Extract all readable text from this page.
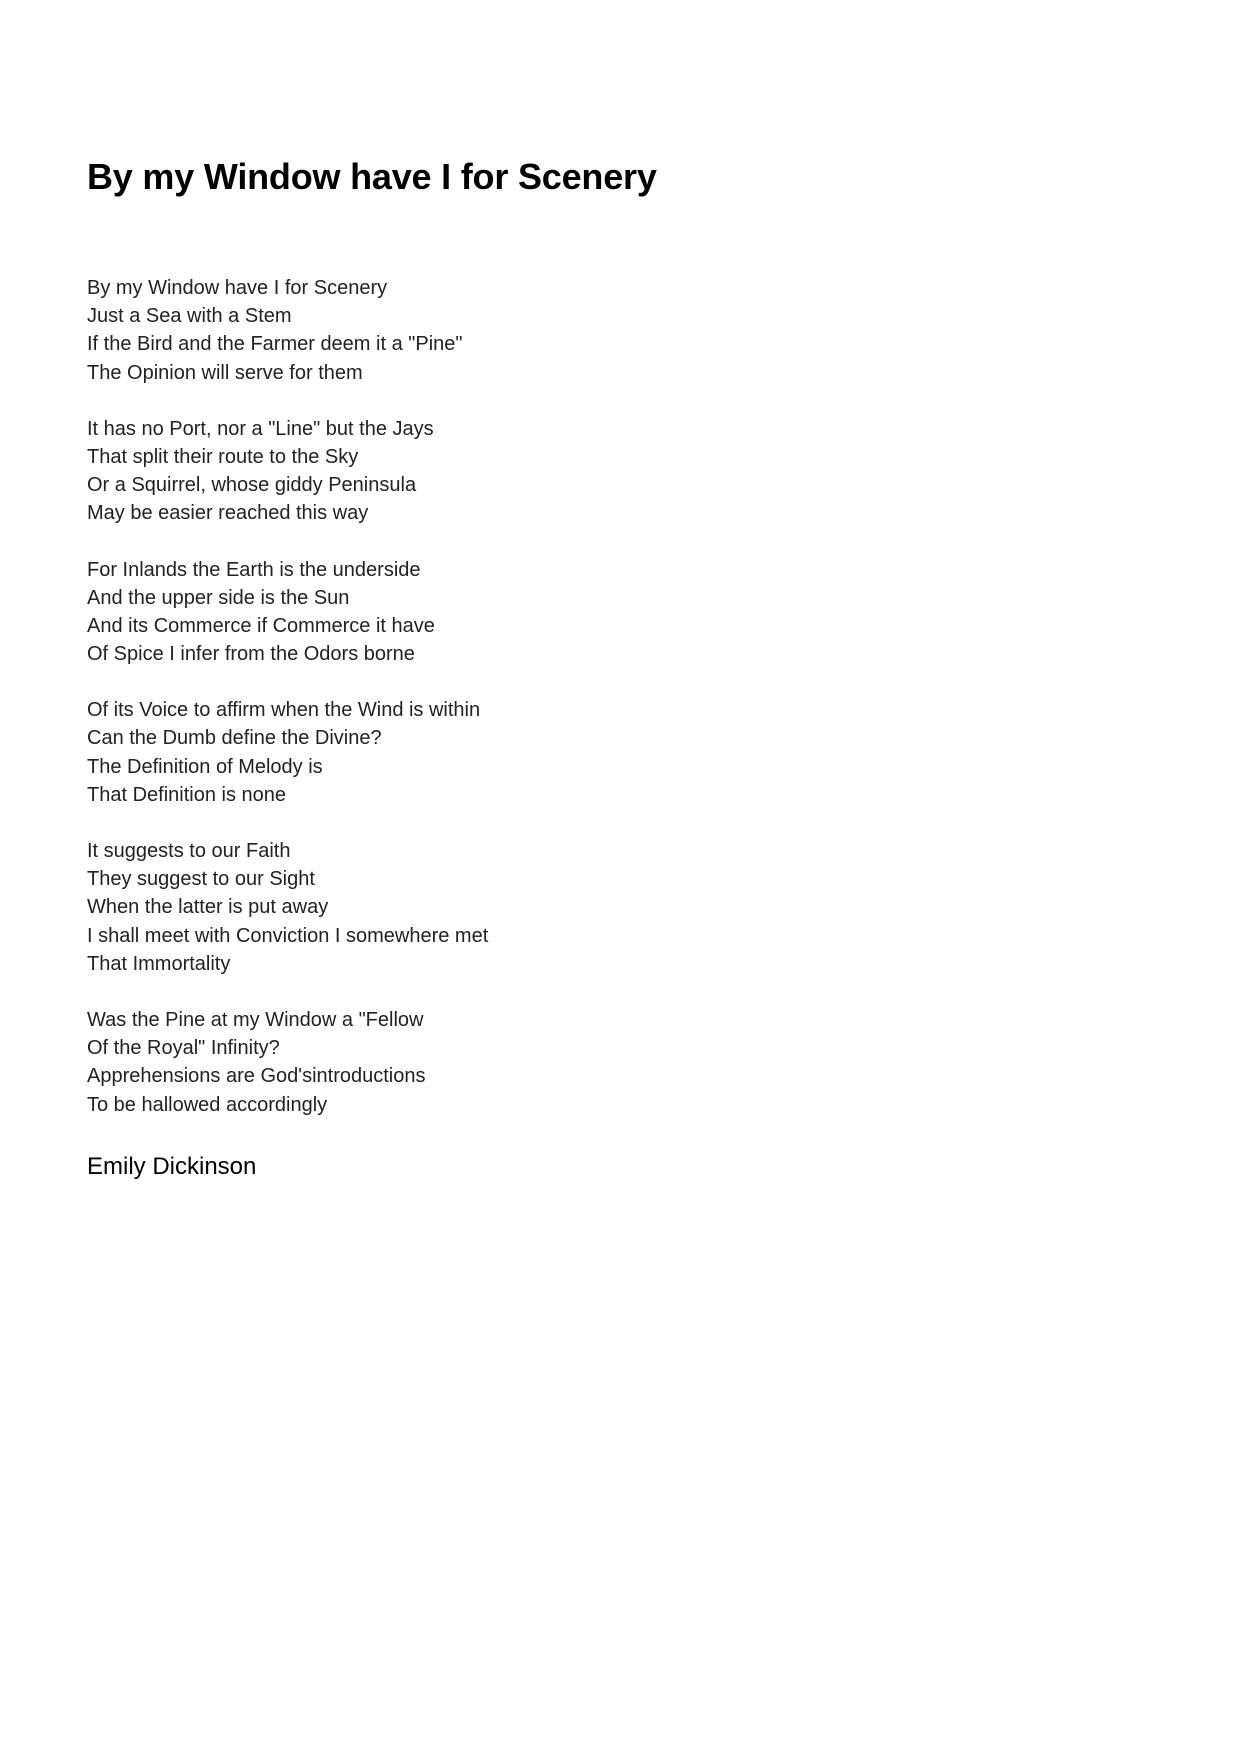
By my Window have I for Scenery
By my Window have I for Scenery
Just a Sea with a Stem
If the Bird and the Farmer deem it a "Pine"
The Opinion will serve for them
It has no Port, nor a "Line" but the Jays
That split their route to the Sky
Or a Squirrel, whose giddy Peninsula
May be easier reached this way
For Inlands the Earth is the underside
And the upper side is the Sun
And its Commerce if Commerce it have
Of Spice I infer from the Odors borne
Of its Voice to affirm when the Wind is within
Can the Dumb define the Divine?
The Definition of Melody is
That Definition is none
It suggests to our Faith
They suggest to our Sight
When the latter is put away
I shall meet with Conviction I somewhere met
That Immortality
Was the Pine at my Window a "Fellow
Of the Royal" Infinity?
Apprehensions are God'sintroductions
To be hallowed accordingly

Emily Dickinson
